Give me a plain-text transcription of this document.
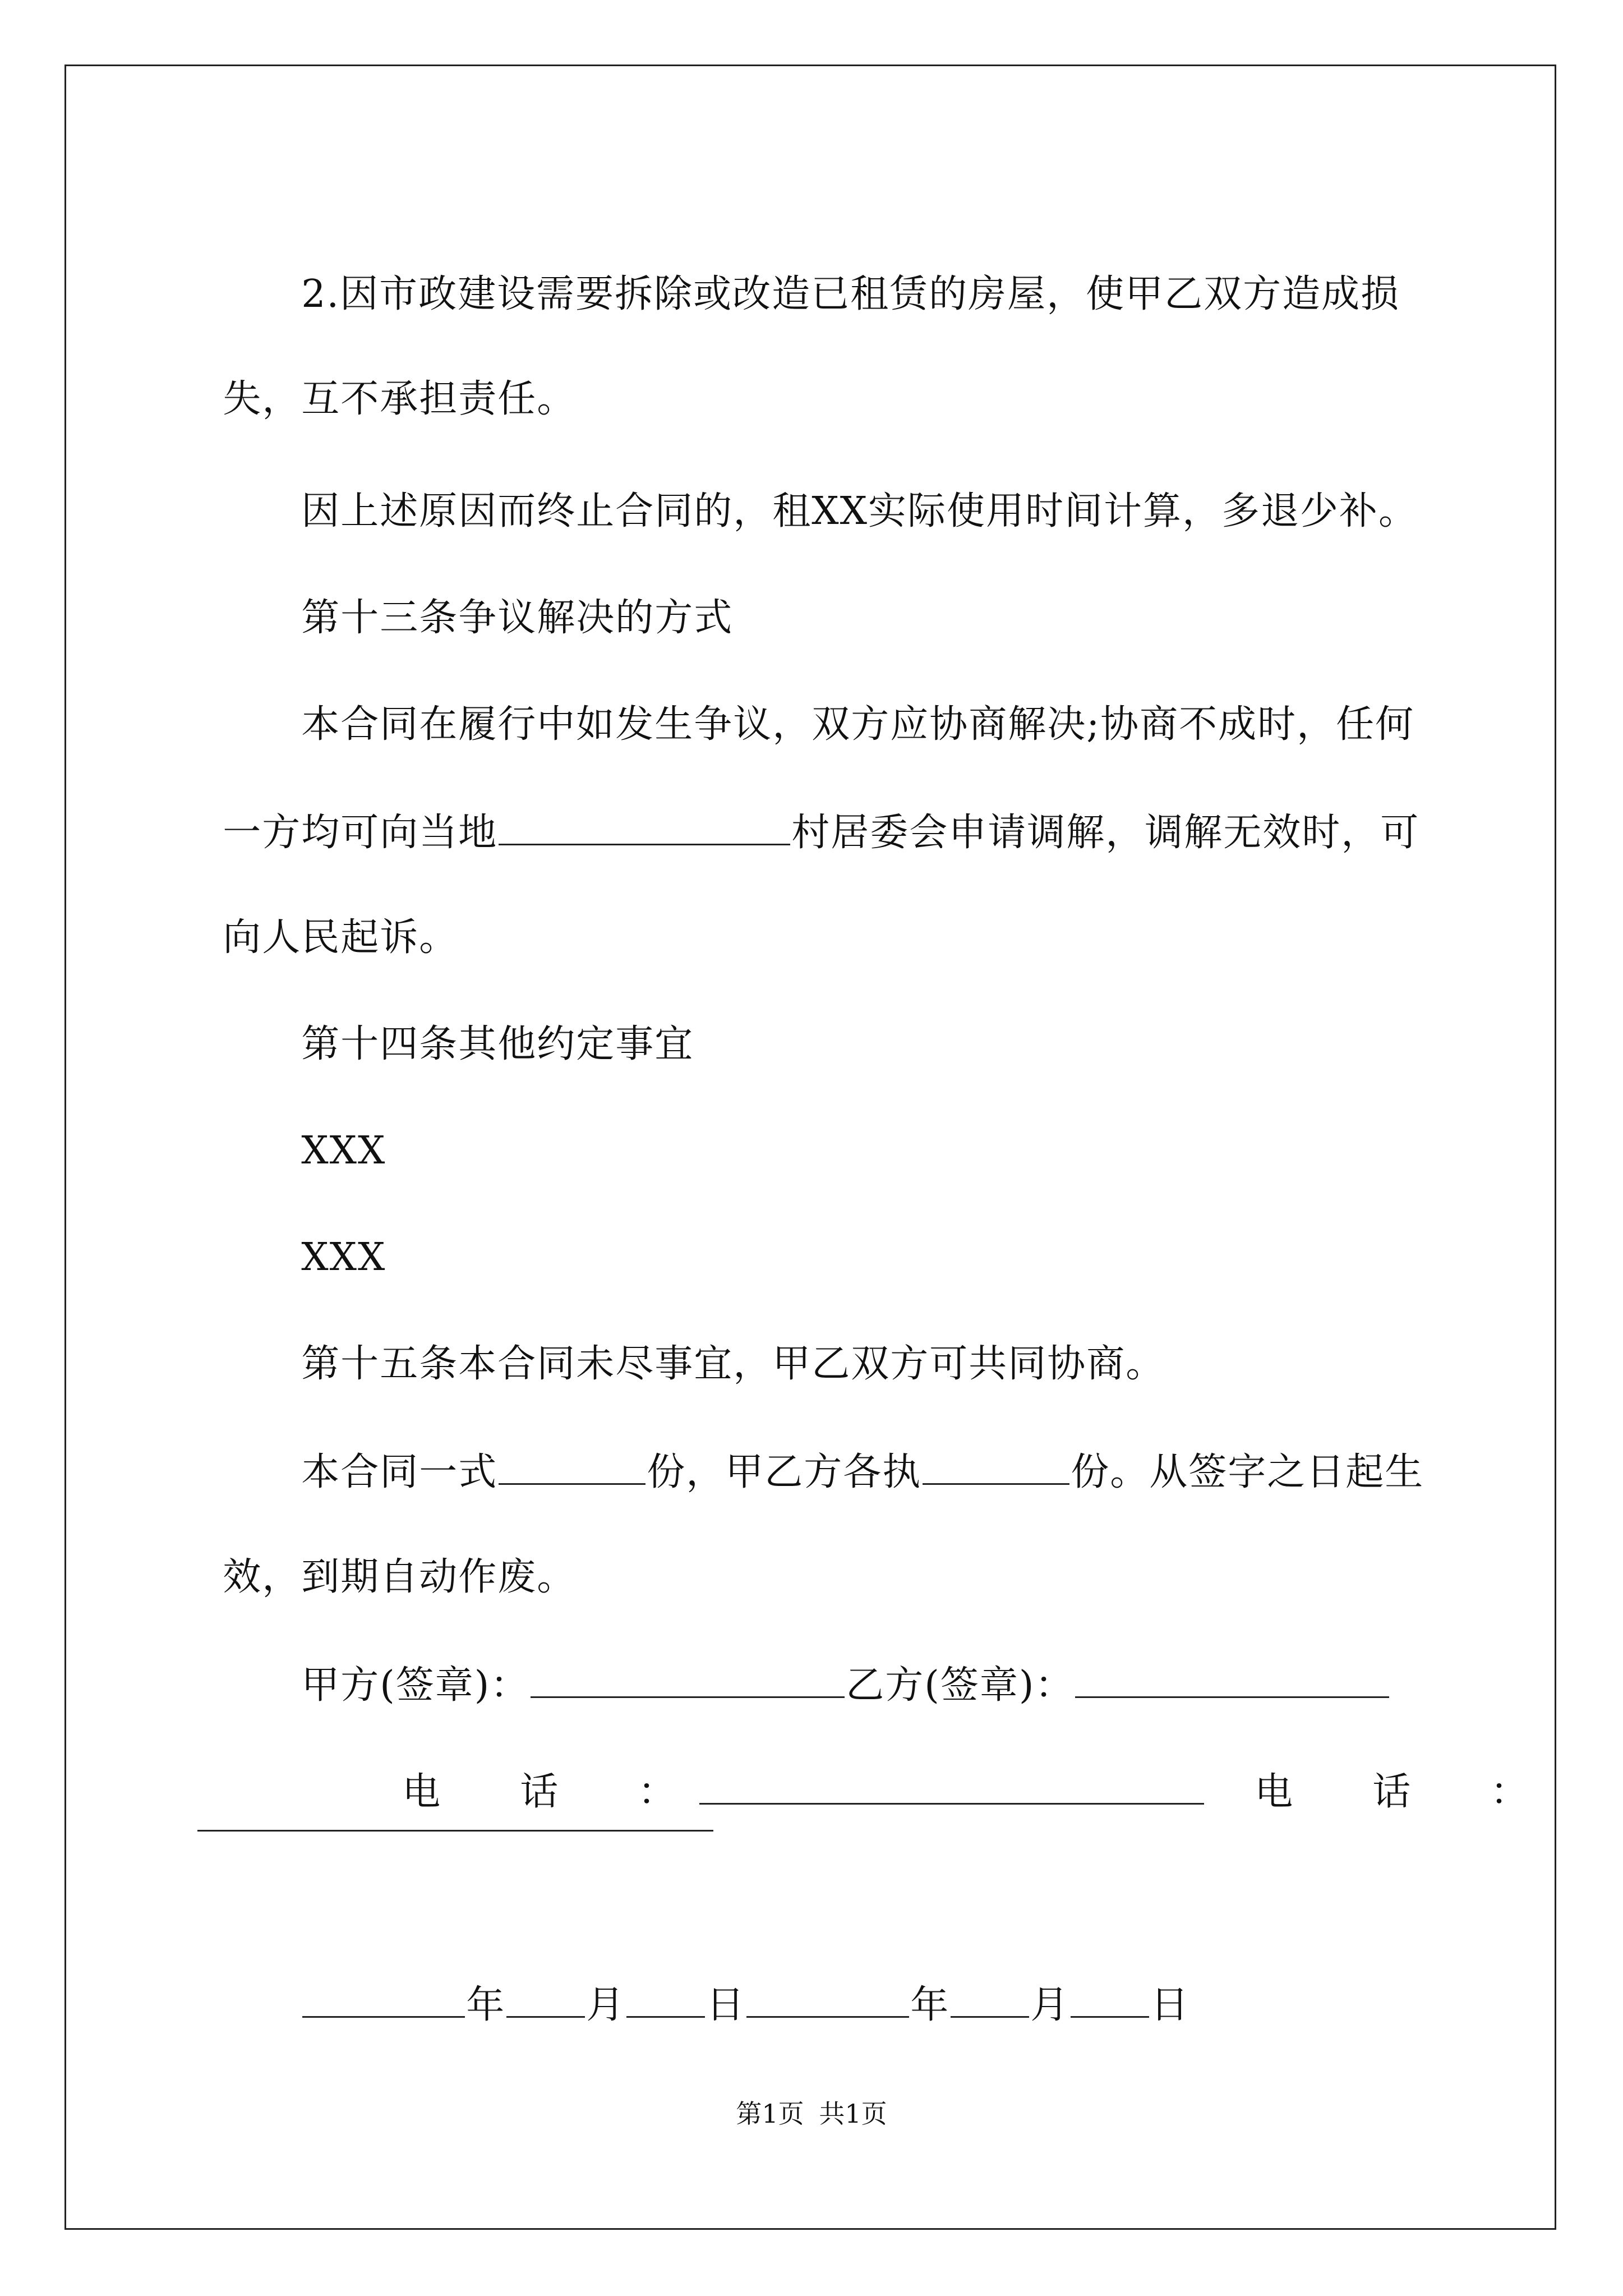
2.因市政建设需要拆除或改造已租赁的房屋，使甲乙双方造成损

失，互不承担责任。

因上述原因而终止合同的，租XX实际使用时间计算，多退少补。

第十三条争议解决的方式

本合同在履行中如发生争议，双方应协商解决;协商不成时，任何

一方均可向当地	村居委会申请调解，调解无效时，可

向人民起诉。

第十四条其他约定事宜

XXX

XXX

第十五条本合同未尽事宜，甲乙双方可共同协商。

本合同一式	份，甲乙方各执	份。从签字之日起生

效，到期自动作废。

甲方(签章)：	乙方(签章)：

电　　话　　：	电　　话　　：

年 月 日	年 月 日

第1页 共1页
